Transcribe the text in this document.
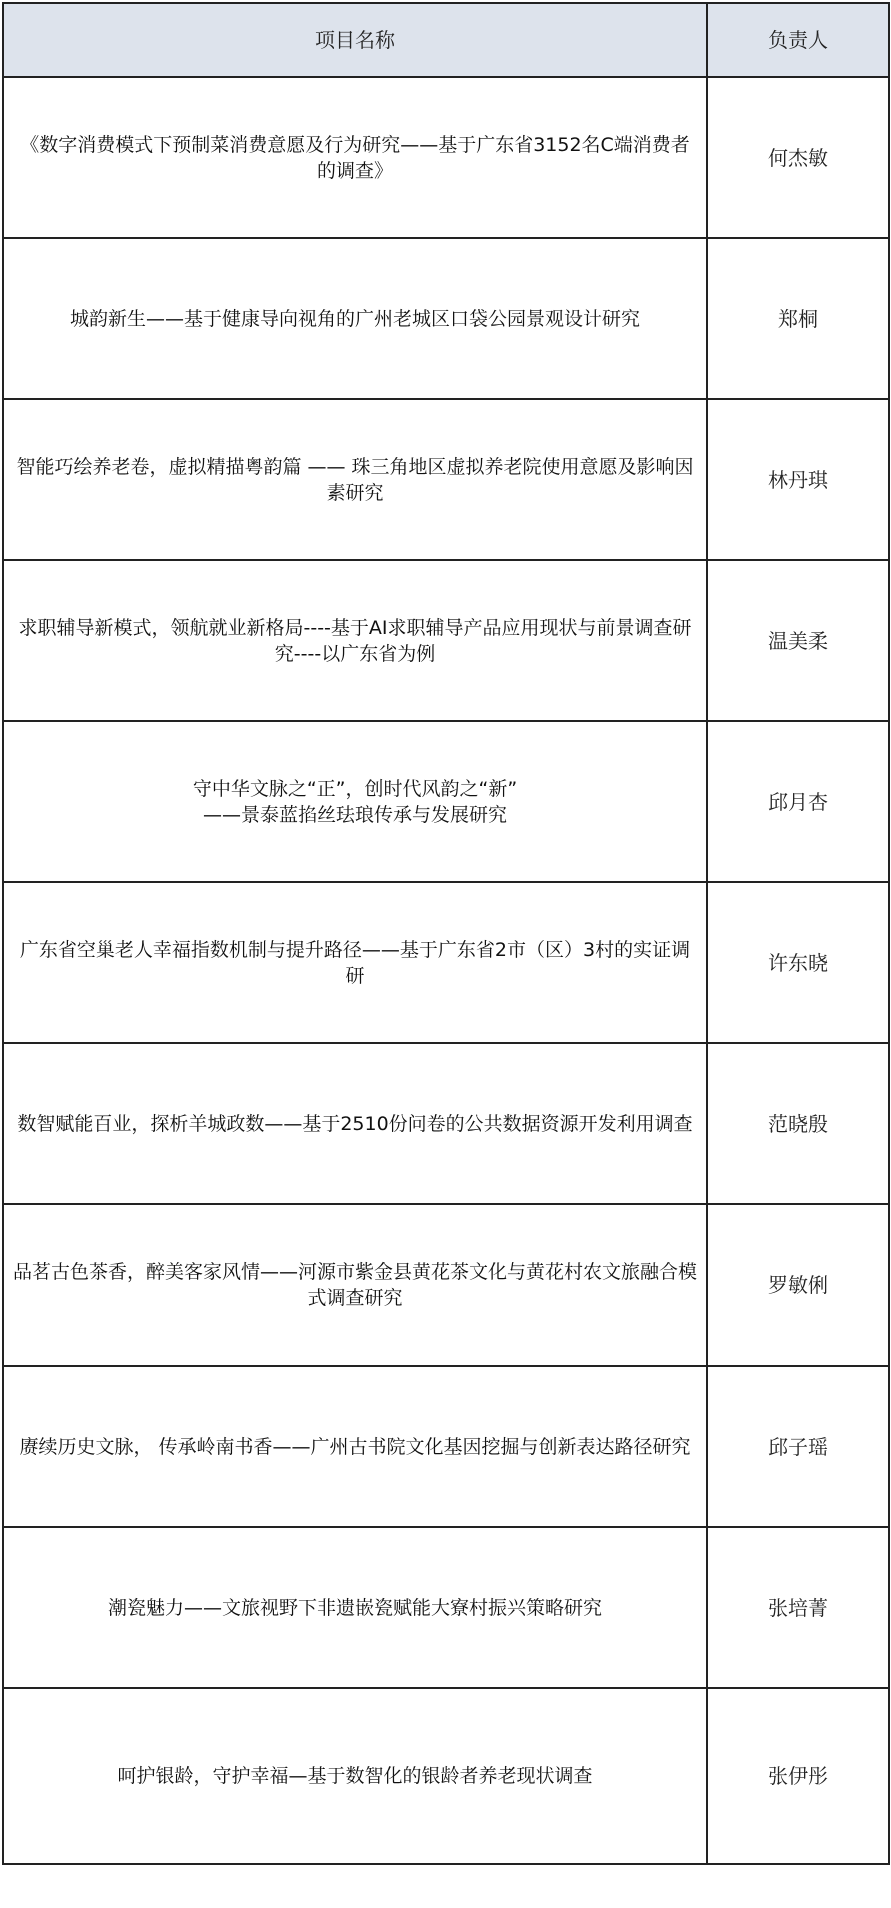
项目名称	负责人
《数字消费模式下预制菜消费意愿及行为研究——基于广东省3152名C端消费者的调查》	何杰敏
城韵新生——基于健康导向视角的广州老城区口袋公园景观设计研究	郑桐
智能巧绘养老卷，虚拟精描粤韵篇 —— 珠三角地区虚拟养老院使用意愿及影响因素研究	林丹琪
求职辅导新模式，领航就业新格局----基于AI求职辅导产品应用现状与前景调查研究----以广东省为例	温美柔
守中华文脉之“正”，创时代风韵之“新”
——景泰蓝掐丝珐琅传承与发展研究	邱月杏
广东省空巢老人幸福指数机制与提升路径——基于广东省2市（区）3村的实证调研	许东晓
数智赋能百业，探析羊城政数——基于2510份问卷的公共数据资源开发利用调查	范晓殷
品茗古色茶香，醉美客家风情——河源市紫金县黄花茶文化与黄花村农文旅融合模式调查研究	罗敏俐
赓续历史文脉， 传承岭南书香——广州古书院文化基因挖掘与创新表达路径研究	邱子瑶
潮瓷魅力——文旅视野下非遗嵌瓷赋能大寮村振兴策略研究	张培菁
呵护银龄，守护幸福—基于数智化的银龄者养老现状调查	张伊彤
